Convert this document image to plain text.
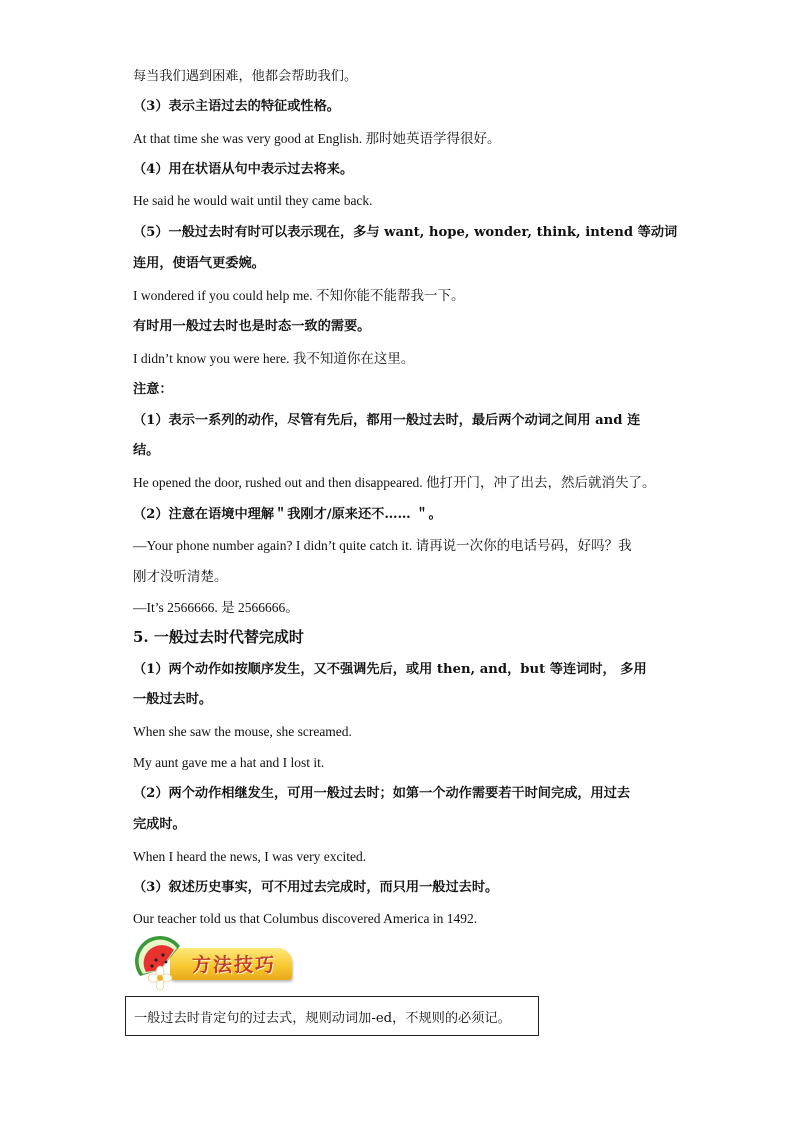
每当我们遇到困难，他都会帮助我们。
（3）表示主语过去的特征或性格。
At that time she was very good at English. 那时她英语学得很好。
（4）用在状语从句中表示过去将来。
He said he would wait until they came back.
（5）一般过去时有时可以表示现在，多与 want, hope, wonder, think, intend 等动词
连用，使语气更委婉。
I wondered if you could help me. 不知你能不能帮我一下。
有时用一般过去时也是时态一致的需要。
I didn’t know you were here. 我不知道你在这里。
注意：
（1）表示一系列的动作，尽管有先后，都用一般过去时，最后两个动词之间用 and 连
结。
He opened the door, rushed out and then disappeared. 他打开门，冲了出去，然后就消失了。
（2）注意在语境中理解＂我刚才/原来还不…… ＂。
—Your phone number again? I didn’t quite catch it. 请再说一次你的电话号码，好吗？我
刚才没听清楚。
—It’s 2566666. 是 2566666。
5. 一般过去时代替完成时
（1）两个动作如按顺序发生，又不强调先后，或用 then, and，but 等连词时， 多用
一般过去时。
When she saw the mouse, she screamed.
My aunt gave me a hat and I lost it.
（2）两个动作相继发生，可用一般过去时；如第一个动作需要若干时间完成，用过去
完成时。
When I heard the news, I was very excited.
（3）叙述历史事实，可不用过去完成时，而只用一般过去时。
Our teacher told us that Columbus discovered America in 1492.
方法技巧
一般过去时肯定句的过去式，规则动词加-ed，不规则的必须记。
